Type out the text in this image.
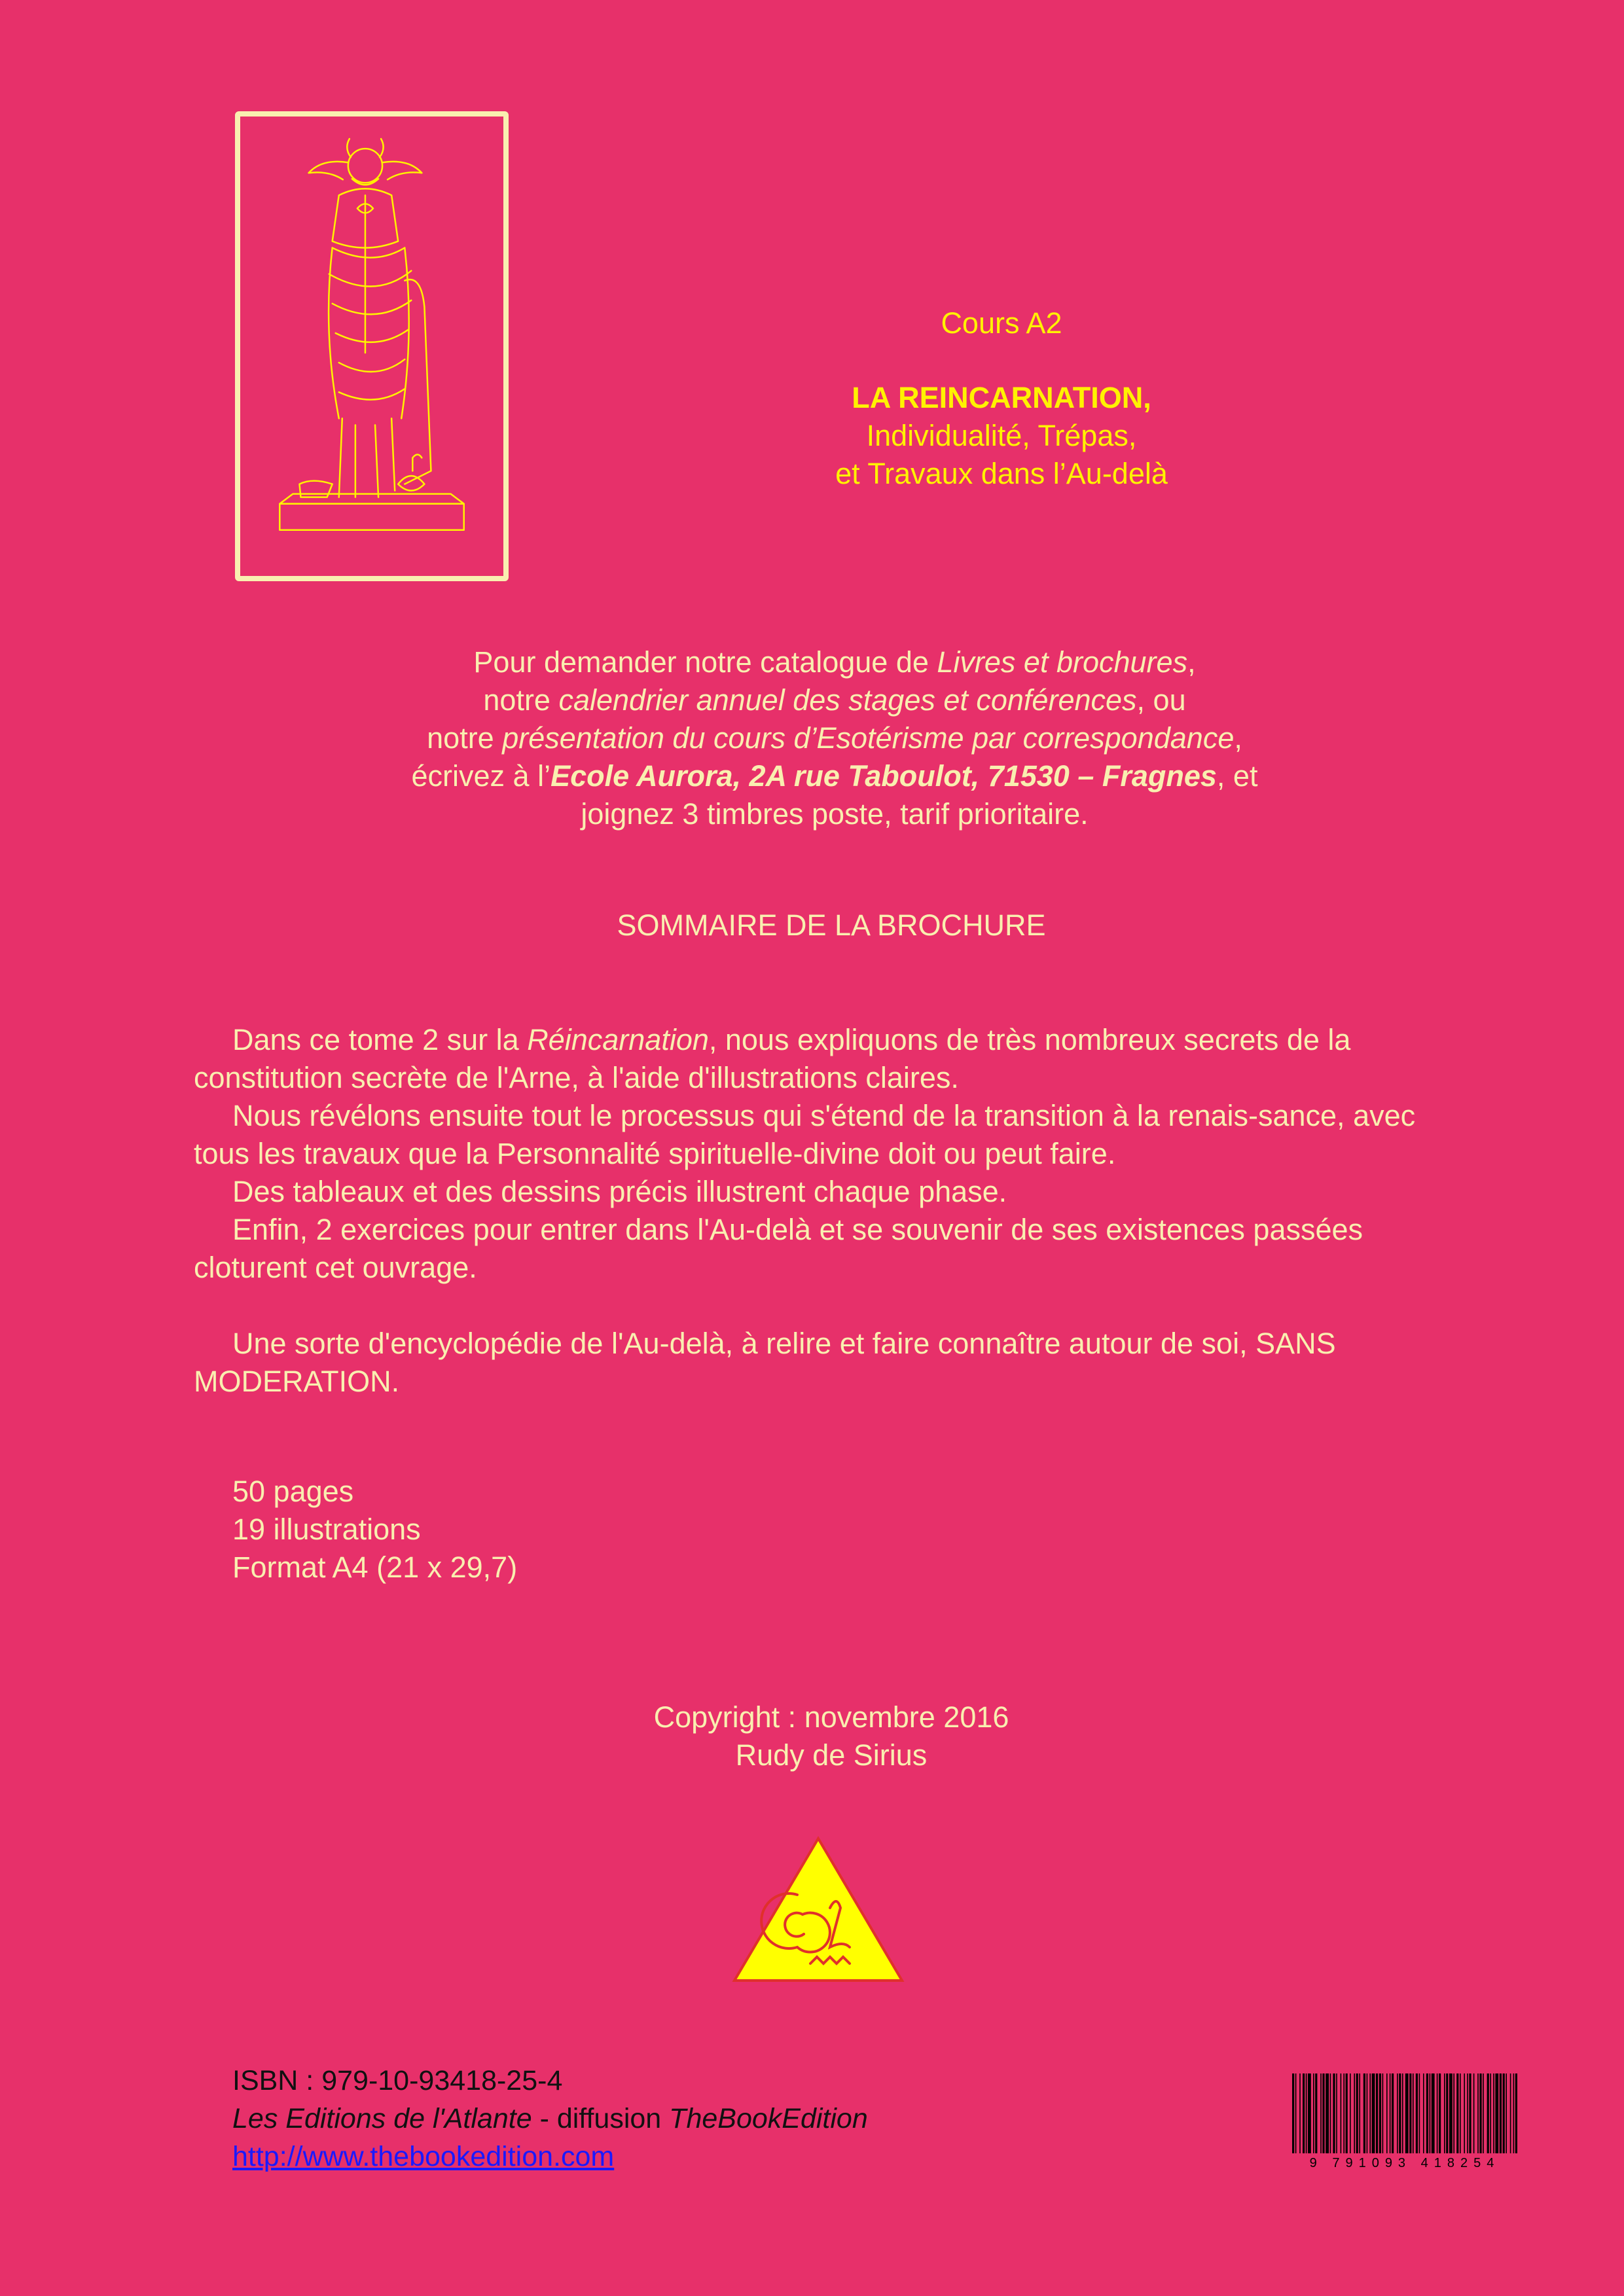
Cours A2
LA REINCARNATION,
Individualité, Trépas,
et Travaux dans l’Au-delà
Pour demander notre catalogue de Livres et brochures,
notre calendrier annuel des stages et conférences, ou
notre présentation du cours d’Esotérisme par correspondance,
écrivez à l’Ecole Aurora, 2A rue Taboulot, 71530 – Fragnes, et
joignez 3 timbres poste, tarif prioritaire.
SOMMAIRE DE LA BROCHURE

Dans ce tome 2 sur la Réincarnation, nous expliquons de très nombreux secrets de la constitution secrète de l'Arne, à l'aide d'illustrations claires.

Nous révélons ensuite tout le processus qui s'étend de la transition à la renais-sance, avec tous les travaux que la Personnalité spirituelle-divine doit ou peut faire.

Des tableaux et des dessins précis illustrent chaque phase.

Enfin, 2 exercices pour entrer dans l'Au-delà et se souvenir de ses existences passées cloturent cet ouvrage.

Une sorte d'encyclopédie de l'Au-delà, à relire et faire connaître autour de soi, SANS MODERATION.

50 pages
19 illustrations
Format A4 (21 x 29,7)
Copyright : novembre 2016
Rudy de Sirius
ISBN : 979-10-93418-25-4
Les Editions de l'Atlante - diffusion TheBookEdition
http://www.thebookedition.com	9 791093 418254
